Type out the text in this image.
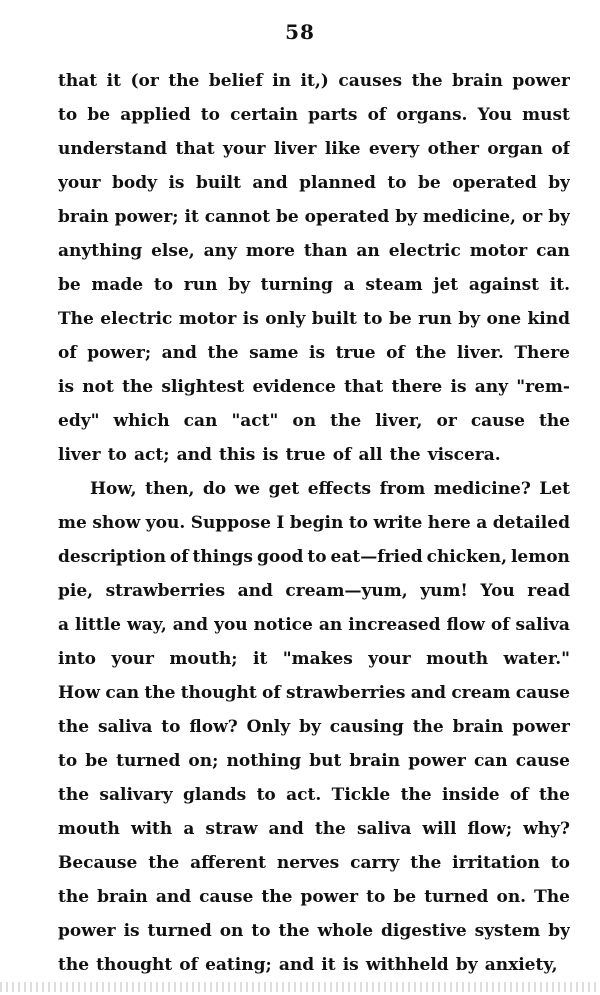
58
that it (or the belief in it,) causes the brain power
to be applied to certain parts of organs. You must
understand that your liver like every other organ of
your body is built and planned to be operated by
brain power; it cannot be operated by medicine, or by
anything else, any more than an electric motor can
be made to run by turning a steam jet against it.
The electric motor is only built to be run by one kind
of power; and the same is true of the liver. There
is not the slightest evidence that there is any "rem-
edy" which can "act" on the liver, or cause the
liver to act; and this is true of all the viscera.
How, then, do we get effects from medicine? Let
me show you. Suppose I begin to write here a detailed
description of things good to eat—fried chicken, lemon
pie, strawberries and cream—yum, yum! You read
a little way, and you notice an increased flow of saliva
into your mouth; it "makes your mouth water."
How can the thought of strawberries and cream cause
the saliva to flow? Only by causing the brain power
to be turned on; nothing but brain power can cause
the salivary glands to act. Tickle the inside of the
mouth with a straw and the saliva will flow; why?
Because the afferent nerves carry the irritation to
the brain and cause the power to be turned on. The
power is turned on to the whole digestive system by
the thought of eating; and it is withheld by anxiety,
